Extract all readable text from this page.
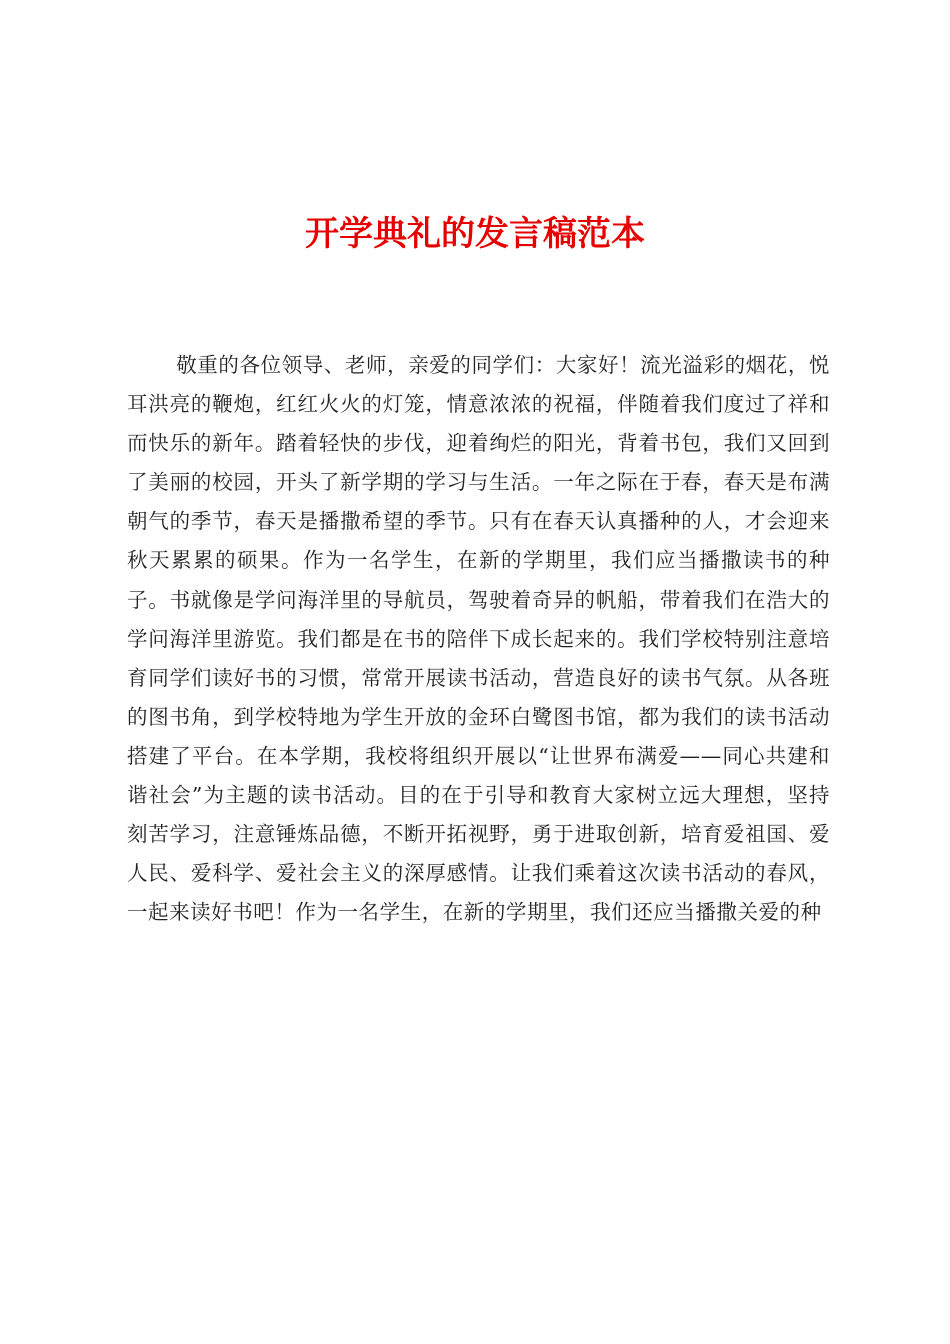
开学典礼的发言稿范本

敬重的各位领导、老师，亲爱的同学们：大家好！流光溢彩的烟花，悦耳洪亮的鞭炮，红红火火的灯笼，情意浓浓的祝福，伴随着我们度过了祥和而快乐的新年。踏着轻快的步伐，迎着绚烂的阳光，背着书包，我们又回到了美丽的校园，开头了新学期的学习与生活。一年之际在于春，春天是布满朝气的季节，春天是播撒希望的季节。只有在春天认真播种的人，才会迎来秋天累累的硕果。作为一名学生，在新的学期里，我们应当播撒读书的种子。书就像是学问海洋里的导航员，驾驶着奇异的帆船，带着我们在浩大的学问海洋里游览。我们都是在书的陪伴下成长起来的。我们学校特别注意培育同学们读好书的习惯，常常开展读书活动，营造良好的读书气氛。从各班的图书角，到学校特地为学生开放的金环白鹭图书馆，都为我们的读书活动搭建了平台。在本学期，我校将组织开展以“让世界布满爱——同心共建和谐社会”为主题的读书活动。目的在于引导和教育大家树立远大理想，坚持刻苦学习，注意锤炼品德，不断开拓视野，勇于进取创新，培育爱祖国、爱人民、爱科学、爱社会主义的深厚感情。让我们乘着这次读书活动的春风，一起来读好书吧！作为一名学生，在新的学期里，我们还应当播撒关爱的种
